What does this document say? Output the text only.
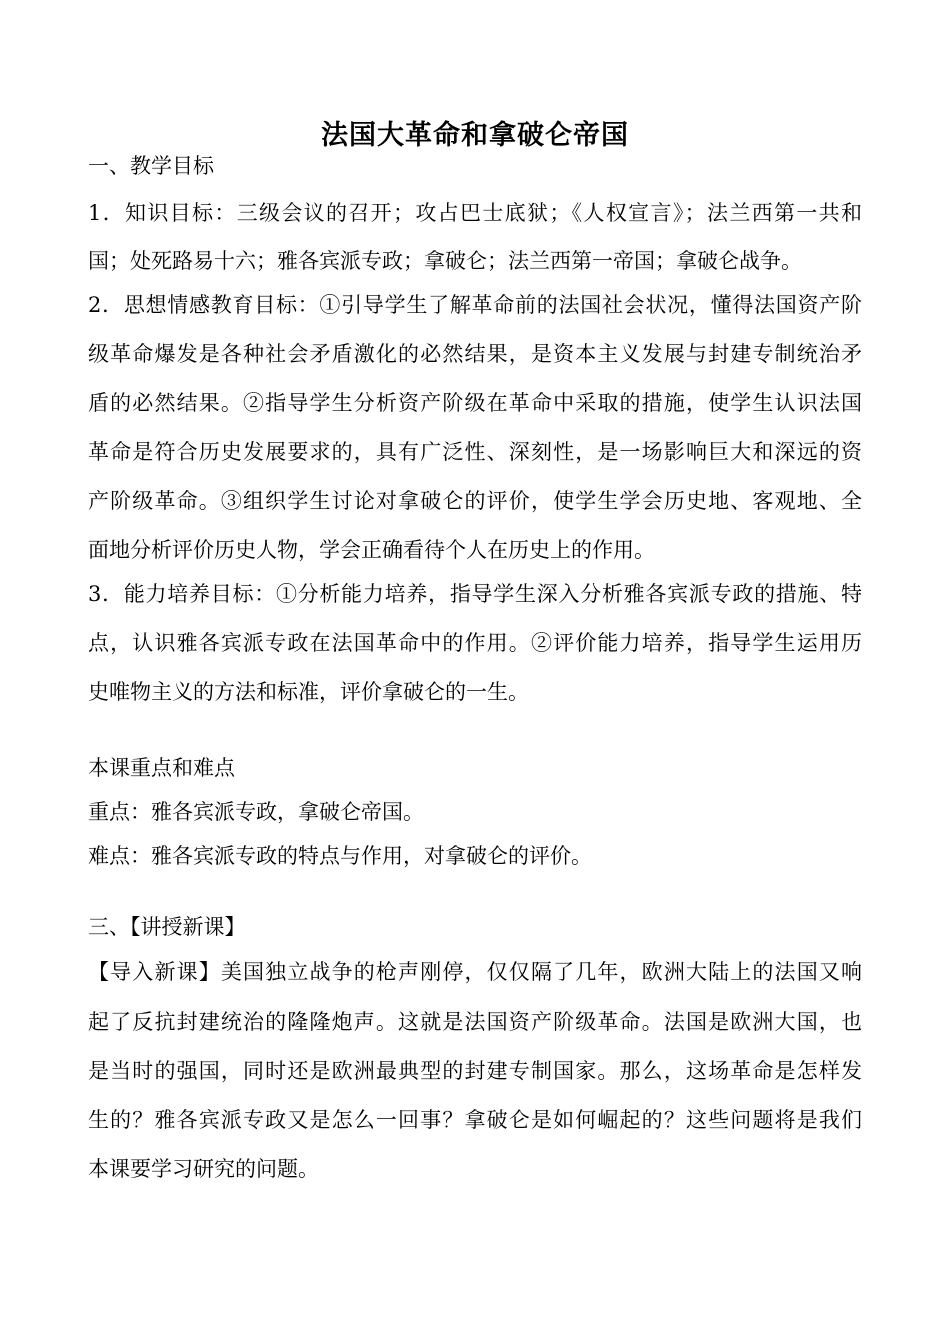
法国大革命和拿破仑帝国
一、教学目标
1．知识目标：三级会议的召开；攻占巴士底狱；《人权宣言》；法兰西第一共和
国；处死路易十六；雅各宾派专政；拿破仑；法兰西第一帝国；拿破仑战争。
2．思想情感教育目标：①引导学生了解革命前的法国社会状况，懂得法国资产阶
级革命爆发是各种社会矛盾激化的必然结果，是资本主义发展与封建专制统治矛
盾的必然结果。②指导学生分析资产阶级在革命中采取的措施，使学生认识法国
革命是符合历史发展要求的，具有广泛性、深刻性，是一场影响巨大和深远的资
产阶级革命。③组织学生讨论对拿破仑的评价，使学生学会历史地、客观地、全
面地分析评价历史人物，学会正确看待个人在历史上的作用。
3．能力培养目标：①分析能力培养，指导学生深入分析雅各宾派专政的措施、特
点，认识雅各宾派专政在法国革命中的作用。②评价能力培养，指导学生运用历
史唯物主义的方法和标准，评价拿破仑的一生。
本课重点和难点
重点：雅各宾派专政，拿破仑帝国。
难点：雅各宾派专政的特点与作用，对拿破仑的评价。
三、【讲授新课】
【导入新课】美国独立战争的枪声刚停，仅仅隔了几年，欧洲大陆上的法国又响
起了反抗封建统治的隆隆炮声。这就是法国资产阶级革命。法国是欧洲大国，也
是当时的强国，同时还是欧洲最典型的封建专制国家。那么，这场革命是怎样发
生的？雅各宾派专政又是怎么一回事？拿破仑是如何崛起的？这些问题将是我们
本课要学习研究的问题。
